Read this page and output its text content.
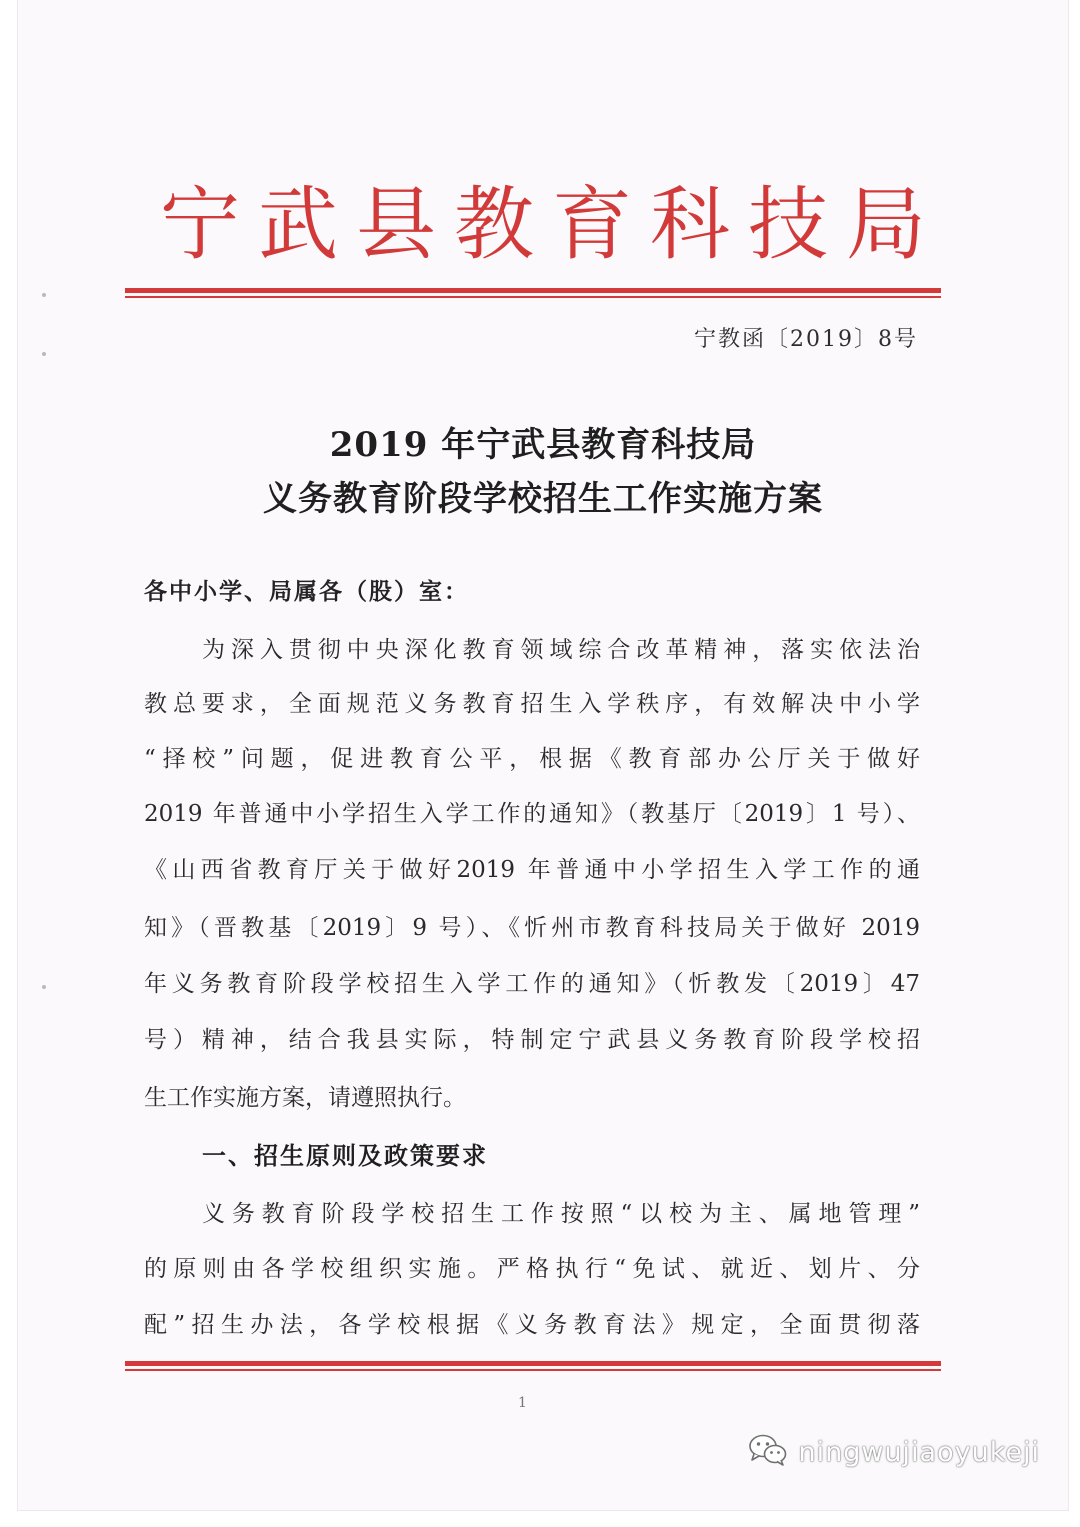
宁武县教育科技局
宁教函〔2019〕8号
2019 年宁武县教育科技局
义务教育阶段学校招生工作实施方案
各中小学、局属各（股）室：
为深入贯彻中央深化教育领域综合改革精神，落实依法治
教总要求，全面规范义务教育招生入学秩序，有效解决中小学
“择校”问题，促进教育公平，根据《教育部办公厅关于做好
2019 年普通中小学招生入学工作的通知》（教基厅〔2019〕1 号）、
《山西省教育厅关于做好2019 年普通中小学招生入学工作的通
知》（晋教基〔2019〕9 号）、《忻州市教育科技局关于做好 2019
年义务教育阶段学校招生入学工作的通知》（忻教发〔2019〕47
号）精神，结合我县实际，特制定宁武县义务教育阶段学校招
生工作实施方案，请遵照执行。
一、招生原则及政策要求
义务教育阶段学校招生工作按照“以校为主、属地管理”
的原则由各学校组织实施。严格执行“免试、就近、划片、分
配”招生办法，各学校根据《义务教育法》规定，全面贯彻落
1
ningwujiaoyukeji
